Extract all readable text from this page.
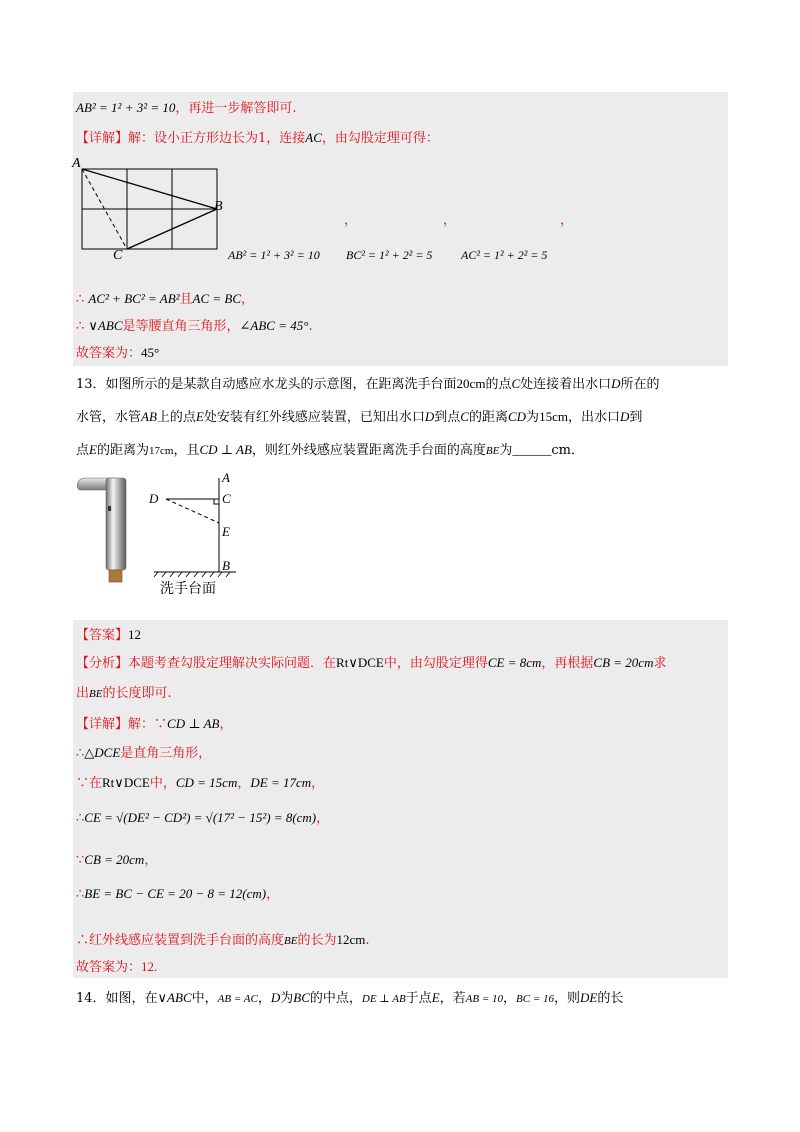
AB² = 1² + 3² = 10，再进一步解答即可.
【详解】解：设小正方形边长为1，连接AC，由勾股定理可得：
A
B
C
，	，	，
AB² = 1² + 3² = 10 BC² = 1² + 2² = 5 AC² = 1² + 2² = 5
∴ AC² + BC² = AB²且AC = BC，
∴ ∨ABC是等腰直角三角形，∠ABC = 45°.
故答案为：45°
13．如图所示的是某款自动感应水龙头的示意图，在距离洗手台面20cm的点C处连接着出水口D所在的
水管，水管AB上的点E处安装有红外线感应装置，已知出水口D到点C的距离CD为15cm，出水口D到
点E的距离为17cm，且CD ⊥ AB，则红外线感应装置距离洗手台面的高度BE为______cm．
A
C
D
E
B
洗手台面
【答案】12
【分析】本题考查勾股定理解决实际问题．在Rt∨DCE中，由勾股定理得CE = 8cm，再根据CB = 20cm求
出BE的长度即可.
【详解】解：∵CD ⊥ AB，
∴△DCE是直角三角形，
∵在Rt∨DCE中，CD = 15cm，DE = 17cm，
∴CE = √(DE² − CD²) = √(17² − 15²) = 8(cm)，
∵CB = 20cm，
∴BE = BC − CE = 20 − 8 = 12(cm)，
∴红外线感应装置到洗手台面的高度BE的长为12cm.
故答案为：12.
14．如图，在∨ABC中，AB = AC，D为BC的中点，DE ⊥ AB于点E，若AB = 10，BC = 16，则DE的长
